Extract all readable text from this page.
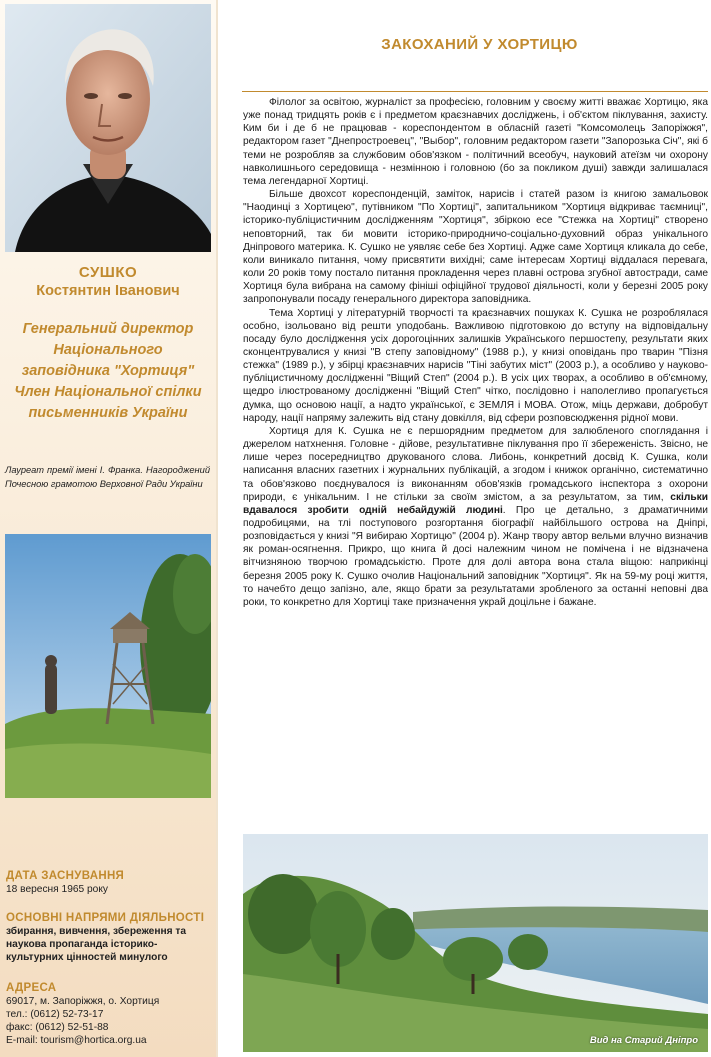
СУШКО
Костянтин Іванович
Генеральний директор Національного заповідника "Хортиця" Член Національної спілки письменників України
Лауреат премії імені І. Франка. Нагороджений Почесною грамотою Верховної Ради України
ДАТА ЗАСНУВАННЯ
18 вересня 1965 року
ОСНОВНІ НАПРЯМИ ДІЯЛЬНОСТІ
збирання, вивчення, збереження та наукова пропаганда історико-культурних цінностей минулого
АДРЕСА
69017, м. Запоріжжя, о. Хортиця
тел.: (0612) 52-73-17
факс: (0612) 52-51-88
E-mail: tourism@hortica.org.ua
ЗАКОХАНИЙ У ХОРТИЦЮ

Філолог за освітою, журналіст за професією, головним у своєму житті вважає Хортицю, яка уже понад тридцять років є і предметом краєзнавчих досліджень, і об'єктом піклування, захисту. Ким би і де б не працював - кореспондентом в обласній газеті "Комсомолець Запоріжжя", редактором газет "Днепростроевец", "Выбор", головним редактором газети "Запорозька Січ", які б теми не розробляв за службовим обов'язком - політичний всеобуч, науковий атеїзм чи охорону навколишнього середовища - незмінною і головною (бо за покликом душі) завжди залишалася тема легендарної Хортиці.

Більше двохсот кореспонденцій, заміток, нарисів і статей разом із книгою замальовок "Наодинці з Хортицею", путівником "По Хортиці", запитальником "Хортиця відкриває таємниці", історико-публіцистичним дослідженням "Хортиця", збіркою есе "Стежка на Хортиці" створено неповторний, так би мовити історико-природничо-соціально-духовний образ унікального Дніпрового материка. К. Сушко не уявляє себе без Хортиці. Адже саме Хортиця кликала до себе, коли виникало питання, чому присвятити вихідні; саме інтересам Хортиці віддалася перевага, коли 20 років тому постало питання прокладення через плавні острова згубної автостради, саме Хортиця була вибрана на самому фініші офіційної трудової діяльності, коли у березні 2005 року запропонували посаду генерального директора заповідника.

Тема Хортиці у літературній творчості та краєзнавчих пошуках К. Сушка не розроблялася особно, ізольовано від решти уподобань. Важливою підготовкою до вступу на відповідальну посаду було дослідження усіх дорогоцінних залишків Українського першостепу, результати яких сконцентрувалися у книзі "В степу заповідному" (1988 р.), у книзі оповідань про тварин "Пізня стежка" (1989 р.), у збірці краєзнавчих нарисів "Тіні забутих міст" (2003 р.), а особливо у науково-публіцистичному дослідженні "Віщий Степ" (2004 р.). В усіх цих творах, а особливо в об'ємному, щедро ілюстрованому дослідженні "Віщий Степ" чітко, послідовно і наполегливо пропагується думка, що основою нації, а надто української, є ЗЕМЛЯ і МОВА. Отож, міць держави, добробут народу, нації напряму залежить від стану довкілля, від сфери розповсюдження рідної мови.

Хортиця для К. Сушка не є першорядним предметом для залюбленого споглядання і джерелом натхнення. Головне - дійове, результативне піклування про її збереженість. Звісно, не лише через посередництво друкованого слова. Либонь, конкретний досвід К. Сушка, коли написання власних газетних і журнальних публікацій, а згодом і книжок органічно, систематично та обов'язково поєднувалося із виконанням обов'язків громадського інспектора з охорони природи, є унікальним. І не стільки за своїм змістом, а за результатом, за тим, скільки вдавалося зробити одній небайдужій людині. Про це детально, з драматичними подробицями, на тлі поступового розгортання біографії найбільшого острова на Дніпрі, розповідається у книзі "Я вибираю Хортицю" (2004 р). Жанр твору автор вельми влучно визначив як роман-осягнення. Прикро, що книга й досі належним чином не помічена і не відзначена вітчизняною творчою громадськістю. Проте для долі автора вона стала віщою: наприкінці березня 2005 року К. Сушко очолив Національний заповідник "Хортиця". Як на 59-му році життя, то начебто дещо запізно, але, якщо брати за результатами зробленого за останні неповні два роки, то конкретно для Хортиці таке призначення украй доцільне і бажане.

Вид на Старий Дніпро
